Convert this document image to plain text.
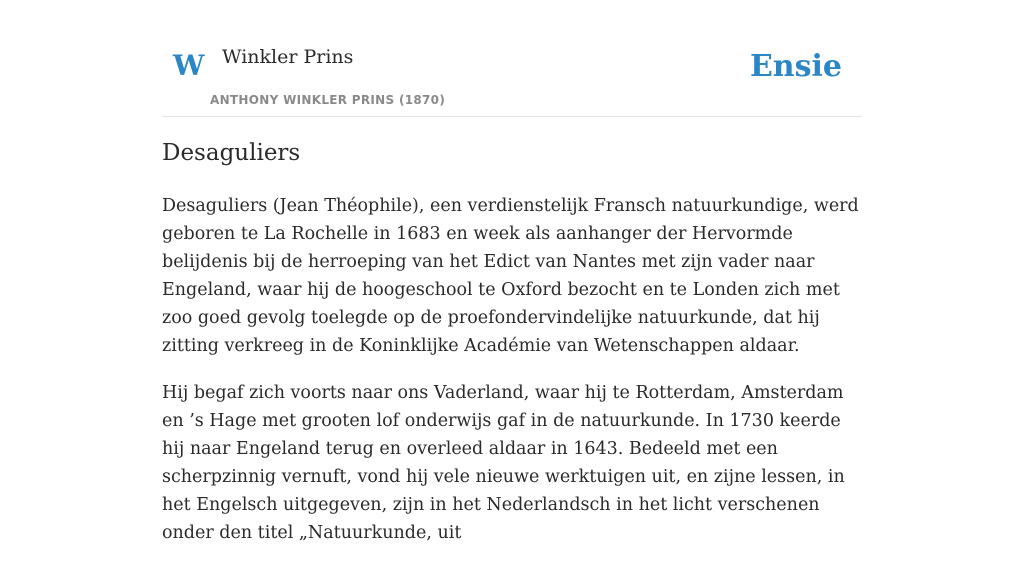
W Winkler Prins
ANTHONY WINKLER PRINS (1870)
Ensie
Desaguliers

Desaguliers (Jean Théophile), een verdienstelijk Fransch natuurkundige, werd geboren te La Rochelle in 1683 en week als aanhanger der Hervormde belijdenis bij de herroeping van het Edict van Nantes met zijn vader naar Engeland, waar hij de hoogeschool te Oxford bezocht en te Londen zich met zoo goed gevolg toelegde op de proefondervindelijke natuurkunde, dat hij zitting verkreeg in de Koninklijke Académie van Wetenschappen aldaar.

Hij begaf zich voorts naar ons Vaderland, waar hij te Rotterdam, Amsterdam en ’s Hage met grooten lof onderwijs gaf in de natuurkunde. In 1730 keerde hij naar Engeland terug en overleed aldaar in 1643. Bedeeld met een scherpzinnig vernuft, vond hij vele nieuwe werktuigen uit, en zijne lessen, in het Engelsch uitgegeven, zijn in het Nederlandsch in het licht verschenen onder den titel „Natuurkunde, uit
